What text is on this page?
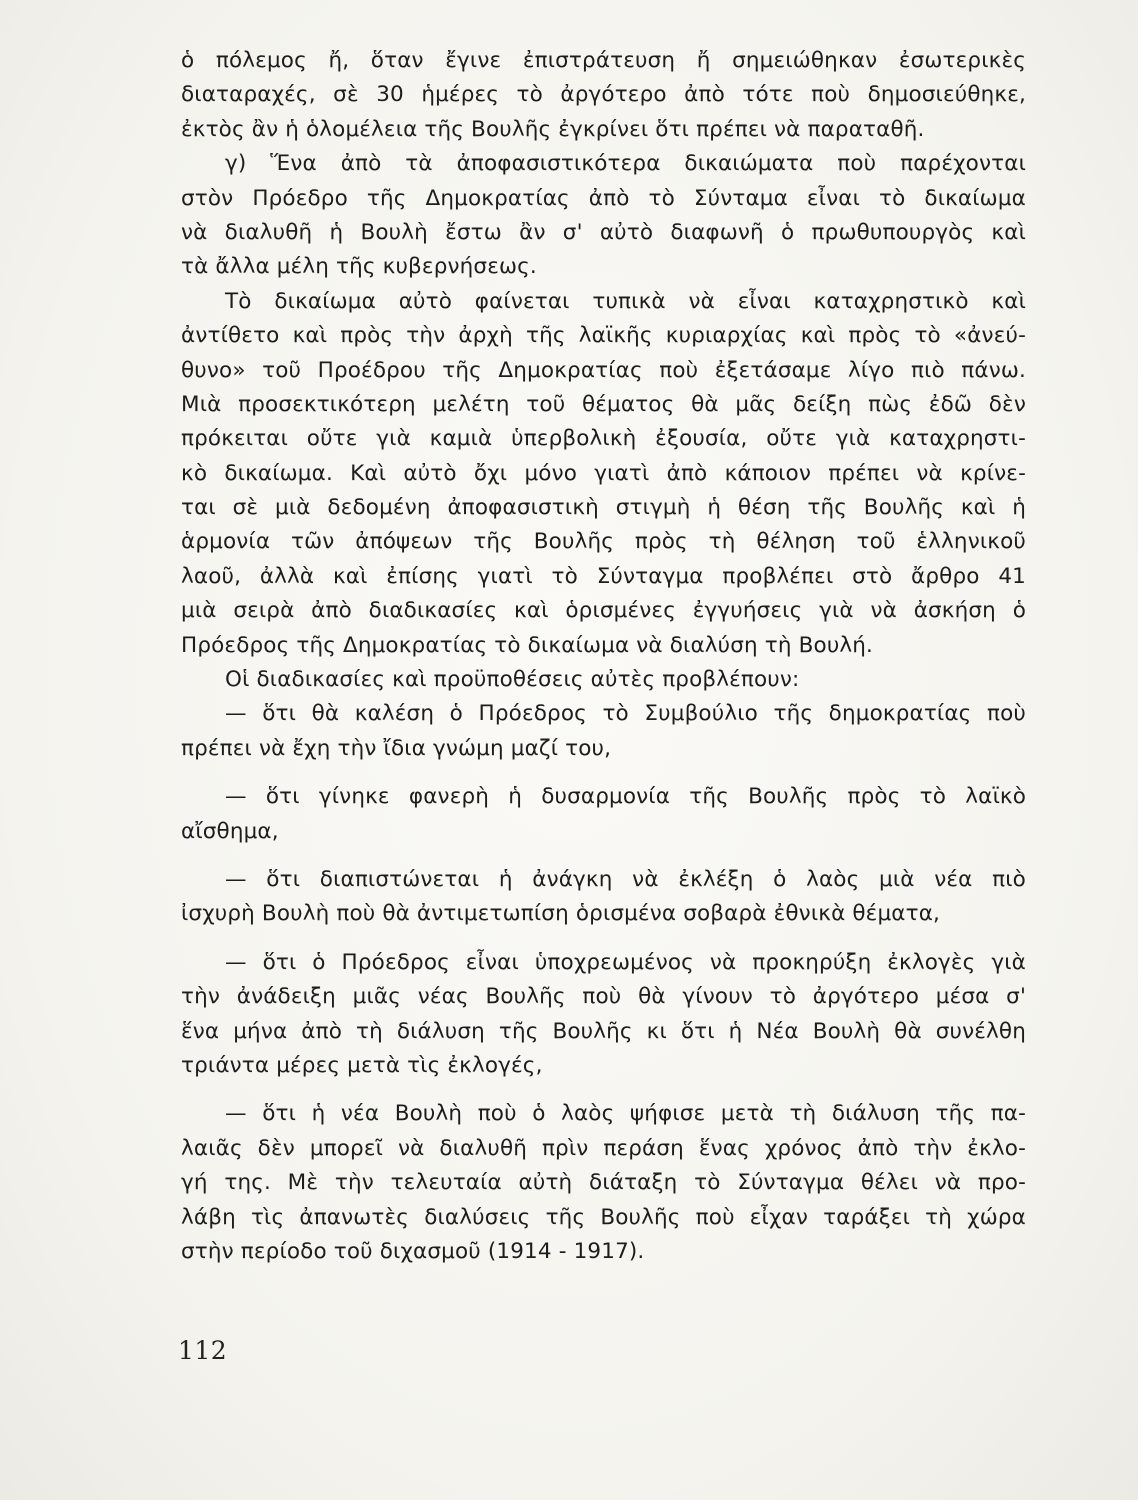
ὁ πόλεμος ἤ, ὅταν ἔγινε ἐπιστράτευση ἤ σημειώθηκαν ἐσωτερικὲς
διαταραχές, σὲ 30 ἡμέρες τὸ ἀργότερο ἀπὸ τότε ποὺ δημοσιεύθηκε,
ἐκτὸς ἂν ἡ ὁλομέλεια τῆς Βουλῆς ἐγκρίνει ὅτι πρέπει νὰ παραταθῆ.
γ) Ἕνα ἀπὸ τὰ ἀποφασιστικότερα δικαιώματα ποὺ παρέχονται
στὸν Πρόεδρο τῆς Δημοκρατίας ἀπὸ τὸ Σύνταμα εἶναι τὸ δικαίωμα
νὰ διαλυθῆ ἡ Βουλὴ ἔστω ἂν σ' αὐτὸ διαφωνῆ ὁ πρωθυπουργὸς καὶ
τὰ ἄλλα μέλη τῆς κυβερνήσεως.
Τὸ δικαίωμα αὐτὸ φαίνεται τυπικὰ νὰ εἶναι καταχρηστικὸ καὶ
ἀντίθετο καὶ πρὸς τὴν ἀρχὴ τῆς λαϊκῆς κυριαρχίας καὶ πρὸς τὸ «ἀνεύ-
θυνο» τοῦ Προέδρου τῆς Δημοκρατίας ποὺ ἐξετάσαμε λίγο πιὸ πάνω.
Μιὰ προσεκτικότερη μελέτη τοῦ θέματος θὰ μᾶς δείξη πὼς ἐδῶ δὲν
πρόκειται οὔτε γιὰ καμιὰ ὑπερβολικὴ ἐξουσία, οὔτε γιὰ καταχρηστι-
κὸ δικαίωμα. Καὶ αὐτὸ ὄχι μόνο γιατὶ ἀπὸ κάποιον πρέπει νὰ κρίνε-
ται σὲ μιὰ δεδομένη ἀποφασιστικὴ στιγμὴ ἡ θέση τῆς Βουλῆς καὶ ἡ
ἁρμονία τῶν ἀπόψεων τῆς Βουλῆς πρὸς τὴ θέληση τοῦ ἑλληνικοῦ
λαοῦ, ἀλλὰ καὶ ἐπίσης γιατὶ τὸ Σύνταγμα προβλέπει στὸ ἄρθρο 41
μιὰ σειρὰ ἀπὸ διαδικασίες καὶ ὁρισμένες ἐγγυήσεις γιὰ νὰ ἀσκήση ὁ
Πρόεδρος τῆς Δημοκρατίας τὸ δικαίωμα νὰ διαλύση τὴ Βουλή.
Οἱ διαδικασίες καὶ προϋποθέσεις αὐτὲς προβλέπουν:
— ὅτι θὰ καλέση ὁ Πρόεδρος τὸ Συμβούλιο τῆς δημοκρατίας ποὺ
πρέπει νὰ ἔχη τὴν ἴδια γνώμη μαζί του,
— ὅτι γίνηκε φανερὴ ἡ δυσαρμονία τῆς Βουλῆς πρὸς τὸ λαϊκὸ
αἴσθημα,
— ὅτι διαπιστώνεται ἡ ἀνάγκη νὰ ἐκλέξη ὁ λαὸς μιὰ νέα πιὸ
ἰσχυρὴ Βουλὴ ποὺ θὰ ἀντιμετωπίση ὁρισμένα σοβαρὰ ἐθνικὰ θέματα,
— ὅτι ὁ Πρόεδρος εἶναι ὑποχρεωμένος νὰ προκηρύξη ἐκλογὲς γιὰ
τὴν ἀνάδειξη μιᾶς νέας Βουλῆς ποὺ θὰ γίνουν τὸ ἀργότερο μέσα σ'
ἕνα μήνα ἀπὸ τὴ διάλυση τῆς Βουλῆς κι ὅτι ἡ Νέα Βουλὴ θὰ συνέλθη
τριάντα μέρες μετὰ τὶς ἐκλογές,
— ὅτι ἡ νέα Βουλὴ ποὺ ὁ λαὸς ψήφισε μετὰ τὴ διάλυση τῆς πα-
λαιᾶς δὲν μπορεῖ νὰ διαλυθῆ πρὶν περάση ἕνας χρόνος ἀπὸ τὴν ἐκλο-
γή της. Μὲ τὴν τελευταία αὐτὴ διάταξη τὸ Σύνταγμα θέλει νὰ προ-
λάβη τὶς ἀπανωτὲς διαλύσεις τῆς Βουλῆς ποὺ εἶχαν ταράξει τὴ χώρα
στὴν περίοδο τοῦ διχασμοῦ (1914 - 1917).
112
